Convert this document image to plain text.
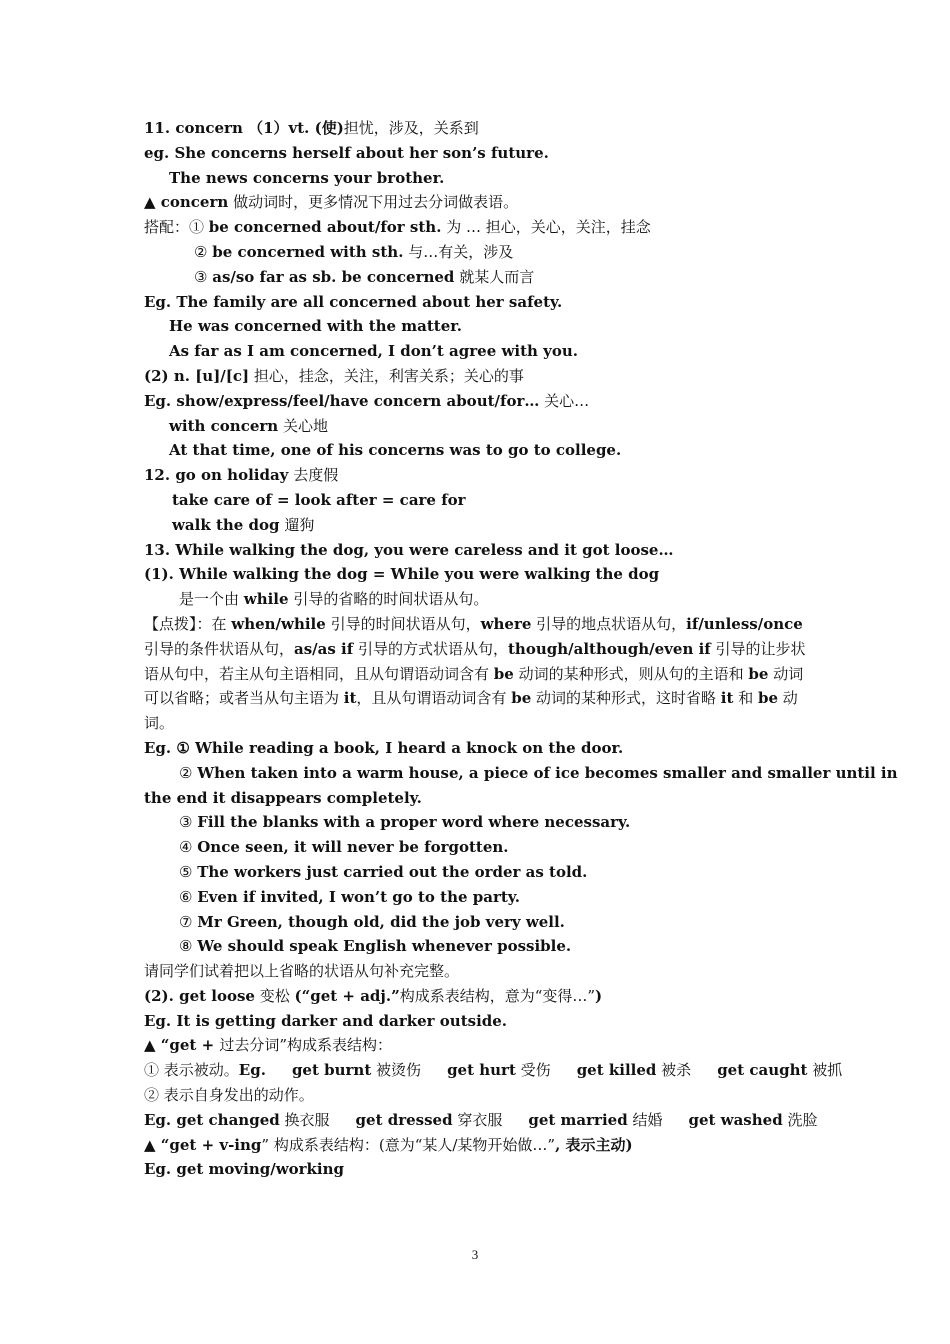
11. concern （1）vt. (使)担忧，涉及，关系到
eg. She concerns herself about her son’s future.
The news concerns your brother.
▲ concern 做动词时，更多情况下用过去分词做表语。
搭配：① be concerned about/for sth. 为 … 担心，关心，关注，挂念
② be concerned with sth. 与…有关，涉及
③ as/so far as sb. be concerned 就某人而言
Eg. The family are all concerned about her safety.
He was concerned with the matter.
As far as I am concerned, I don’t agree with you.
(2) n. [u]/[c] 担心，挂念，关注，利害关系；关心的事
Eg. show/express/feel/have concern about/for… 关心…
with concern 关心地
At that time, one of his concerns was to go to college.
12. go on holiday 去度假
take care of = look after = care for
walk the dog 遛狗
13. While walking the dog, you were careless and it got loose…
(1). While walking the dog = While you were walking the dog
是一个由 while 引导的省略的时间状语从句。
【点拨】：在 when/while 引导的时间状语从句，where 引导的地点状语从句，if/unless/once 引导的条件状语从句，as/as if 引导的方式状语从句，though/although/even if 引导的让步状语从句中，若主从句主语相同，且从句谓语动词含有 be 动词的某种形式，则从句的主语和 be 动词可以省略；或者当从句主语为 it，且从句谓语动词含有 be 动词的某种形式，这时省略 it 和 be 动词。
Eg. ① While reading a book, I heard a knock on the door.
② When taken into a warm house, a piece of ice becomes smaller and smaller until in
the end it disappears completely.
③ Fill the blanks with a proper word where necessary.
④ Once seen, it will never be forgotten.
⑤ The workers just carried out the order as told.
⑥ Even if invited, I won’t go to the party.
⑦ Mr Green, though old, did the job very well.
⑧ We should speak English whenever possible.
请同学们试着把以上省略的状语从句补充完整。
(2). get loose 变松 (“get + adj.”构成系表结构，意为“变得…”)
Eg. It is getting darker and darker outside.
▲ “get + 过去分词”构成系表结构：
① 表示被动。Eg. get burnt 被烫伤 get hurt 受伤 get killed 被杀 get caught 被抓
② 表示自身发出的动作。
Eg. get changed 换衣服 get dressed 穿衣服 get married 结婚 get washed 洗脸
▲ “get + v-ing” 构成系表结构：(意为“某人/某物开始做…”, 表示主动)
Eg. get moving/working
3
